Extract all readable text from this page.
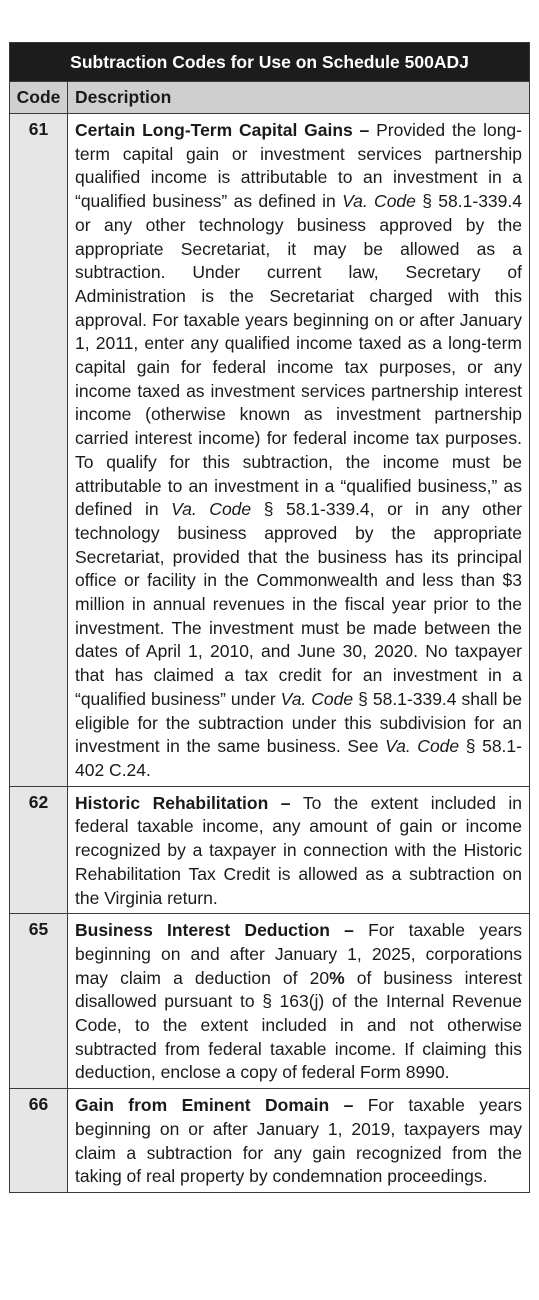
Subtraction Codes for Use on Schedule 500ADJ
Code Description
61	Certain Long-Term Capital Gains – Provided the long-term capital gain or investment services partnership qualified income is attributable to an investment in a “qualified business” as defined in Va. Code § 58.1-339.4 or any other technology business approved by the appropriate Secretariat, it may be allowed as a subtraction. Under current law, Secretary of Administration is the Secretariat charged with this approval. For taxable years beginning on or after January 1, 2011, enter any qualified income taxed as a long-term capital gain for federal income tax purposes, or any income taxed as investment services partnership interest income (otherwise known as investment partnership carried interest income) for federal income tax purposes. To qualify for this subtraction, the income must be attributable to an investment in a “qualified business,” as defined in Va. Code § 58.1-339.4, or in any other technology business approved by the appropriate Secretariat, provided that the business has its principal office or facility in the Commonwealth and less than $3 million in annual revenues in the fiscal year prior to the investment. The investment must be made between the dates of April 1, 2010, and June 30, 2020. No taxpayer that has claimed a tax credit for an investment in a “qualified business” under Va. Code § 58.1-339.4 shall be eligible for the subtraction under this subdivision for an investment in the same business. See Va. Code § 58.1-402 C.24.
62	Historic Rehabilitation – To the extent included in federal taxable income, any amount of gain or income recognized by a taxpayer in connection with the Historic Rehabilitation Tax Credit is allowed as a subtraction on the Virginia return.
65	Business Interest Deduction – For taxable years beginning on and after January 1, 2025, corporations may claim a deduction of 20% of business interest disallowed pursuant to § 163(j) of the Internal Revenue Code, to the extent included in and not otherwise subtracted from federal taxable income. If claiming this deduction, enclose a copy of federal Form 8990.
66	Gain from Eminent Domain – For taxable years beginning on or after January 1, 2019, taxpayers may claim a subtraction for any gain recognized from the taking of real property by condemnation proceedings.
